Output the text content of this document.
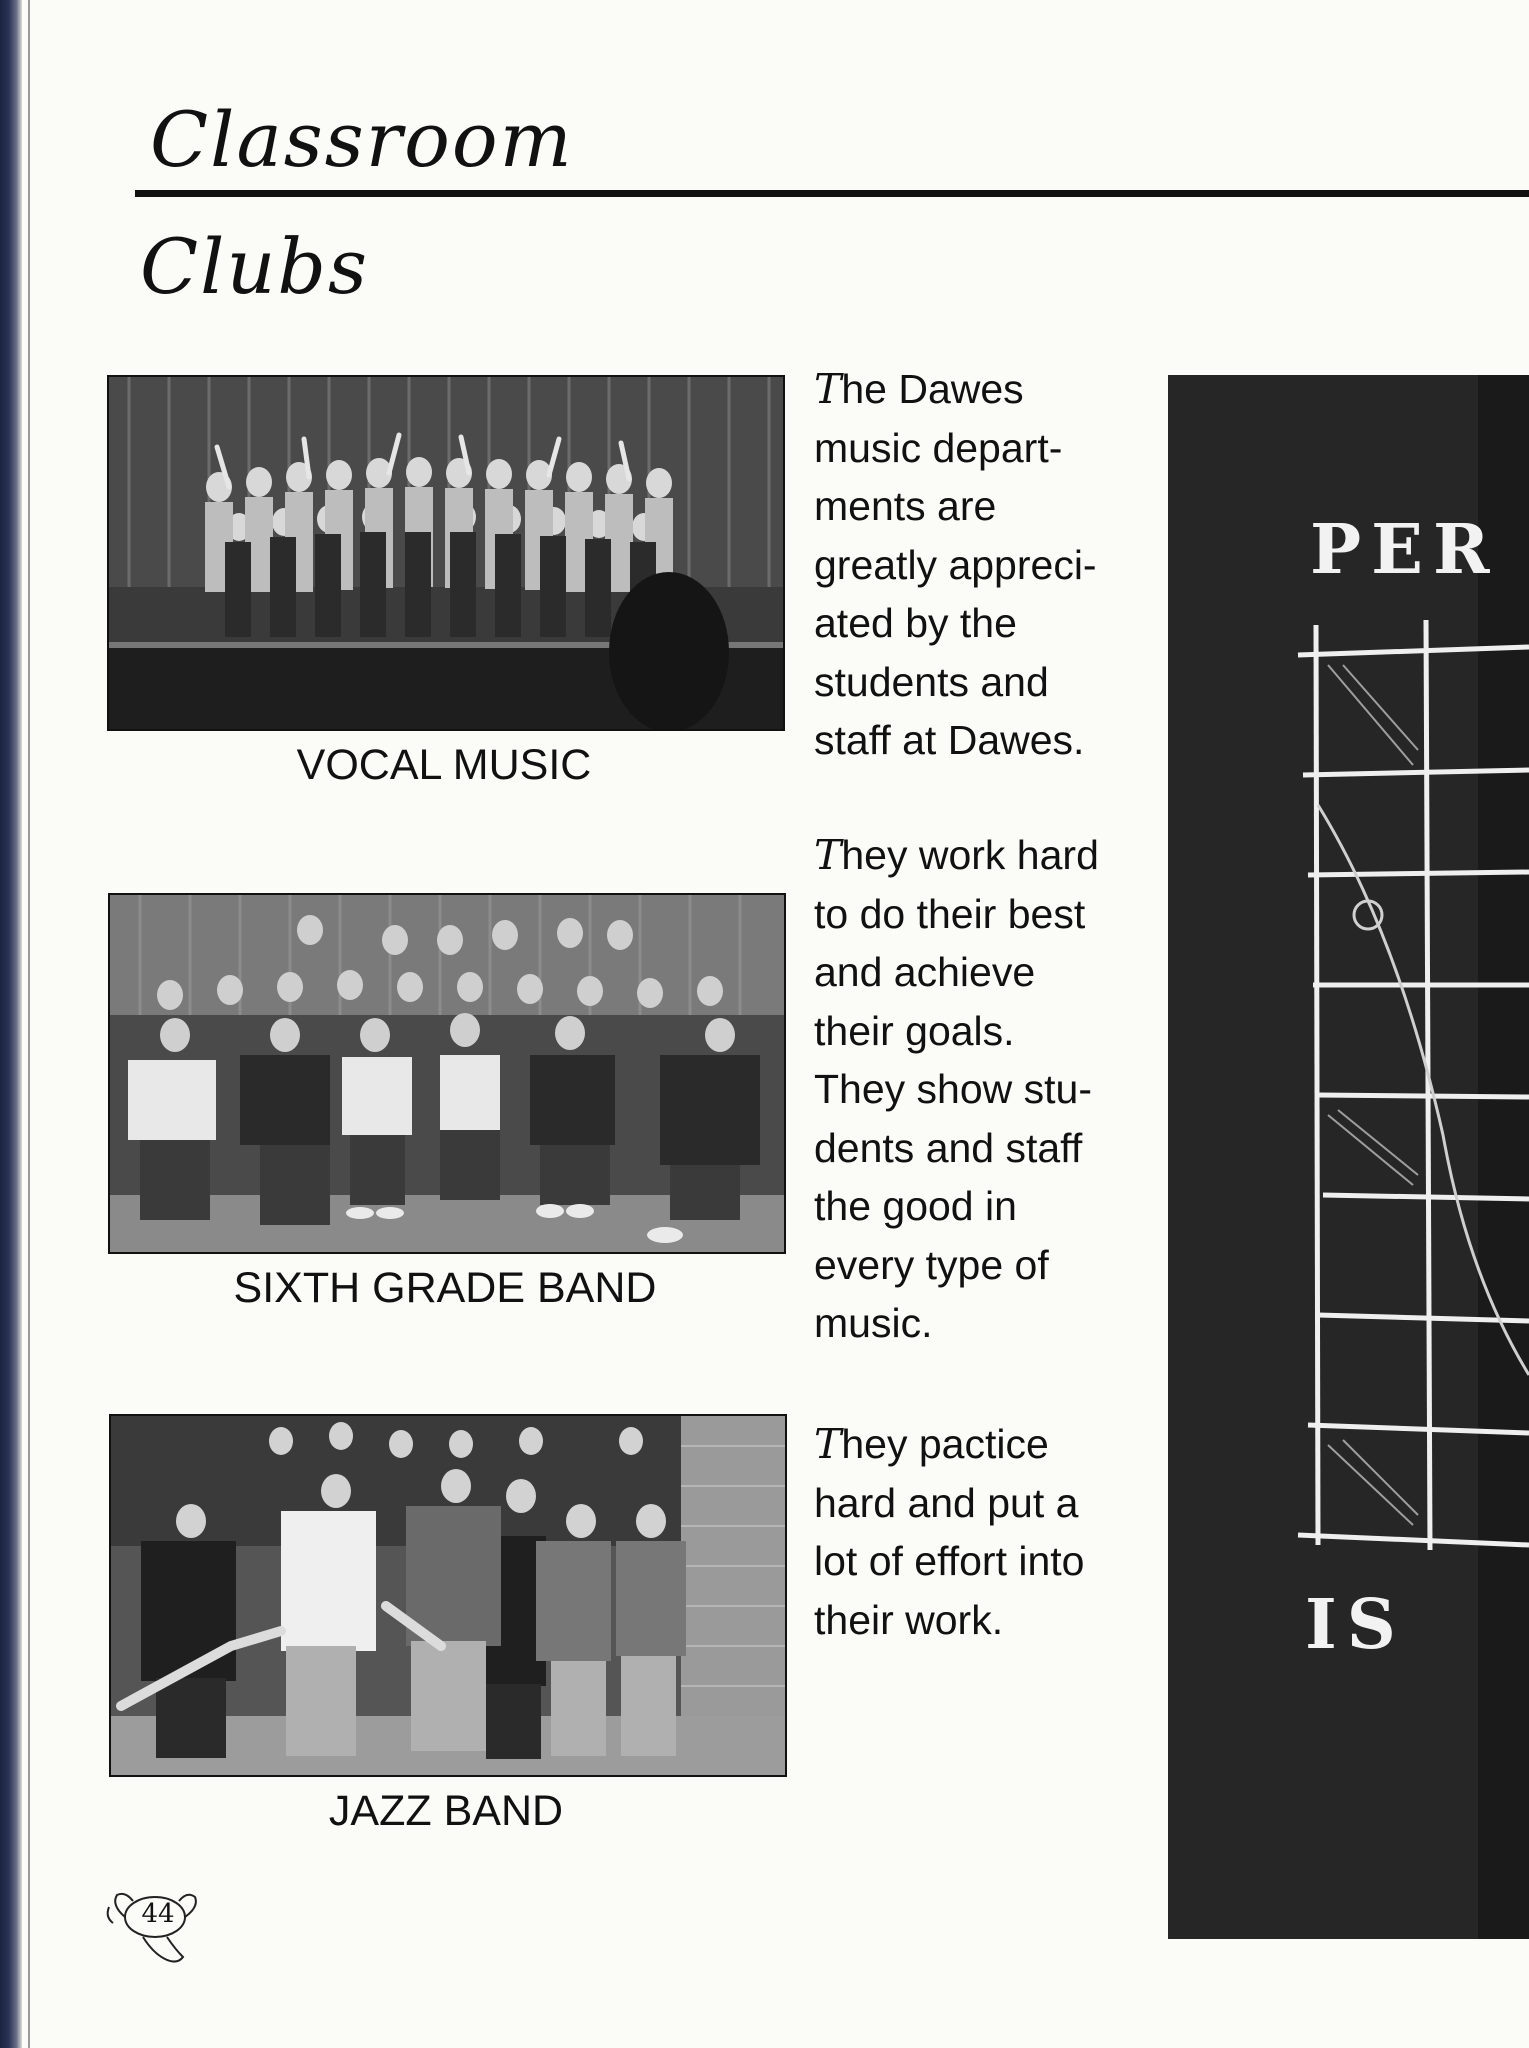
Classroom
Clubs
VOCAL MUSIC
SIXTH GRADE BAND
JAZZ BAND
The Dawes
music depart-
ments are
greatly appreci-
ated by the
students and
staff at Dawes.
They work hard
to do their best
and achieve
their goals.
They show stu-
dents and staff
the good in
every type of
music.
They pactice
hard and put a
lot of effort into
their work.
PER
IS
44
